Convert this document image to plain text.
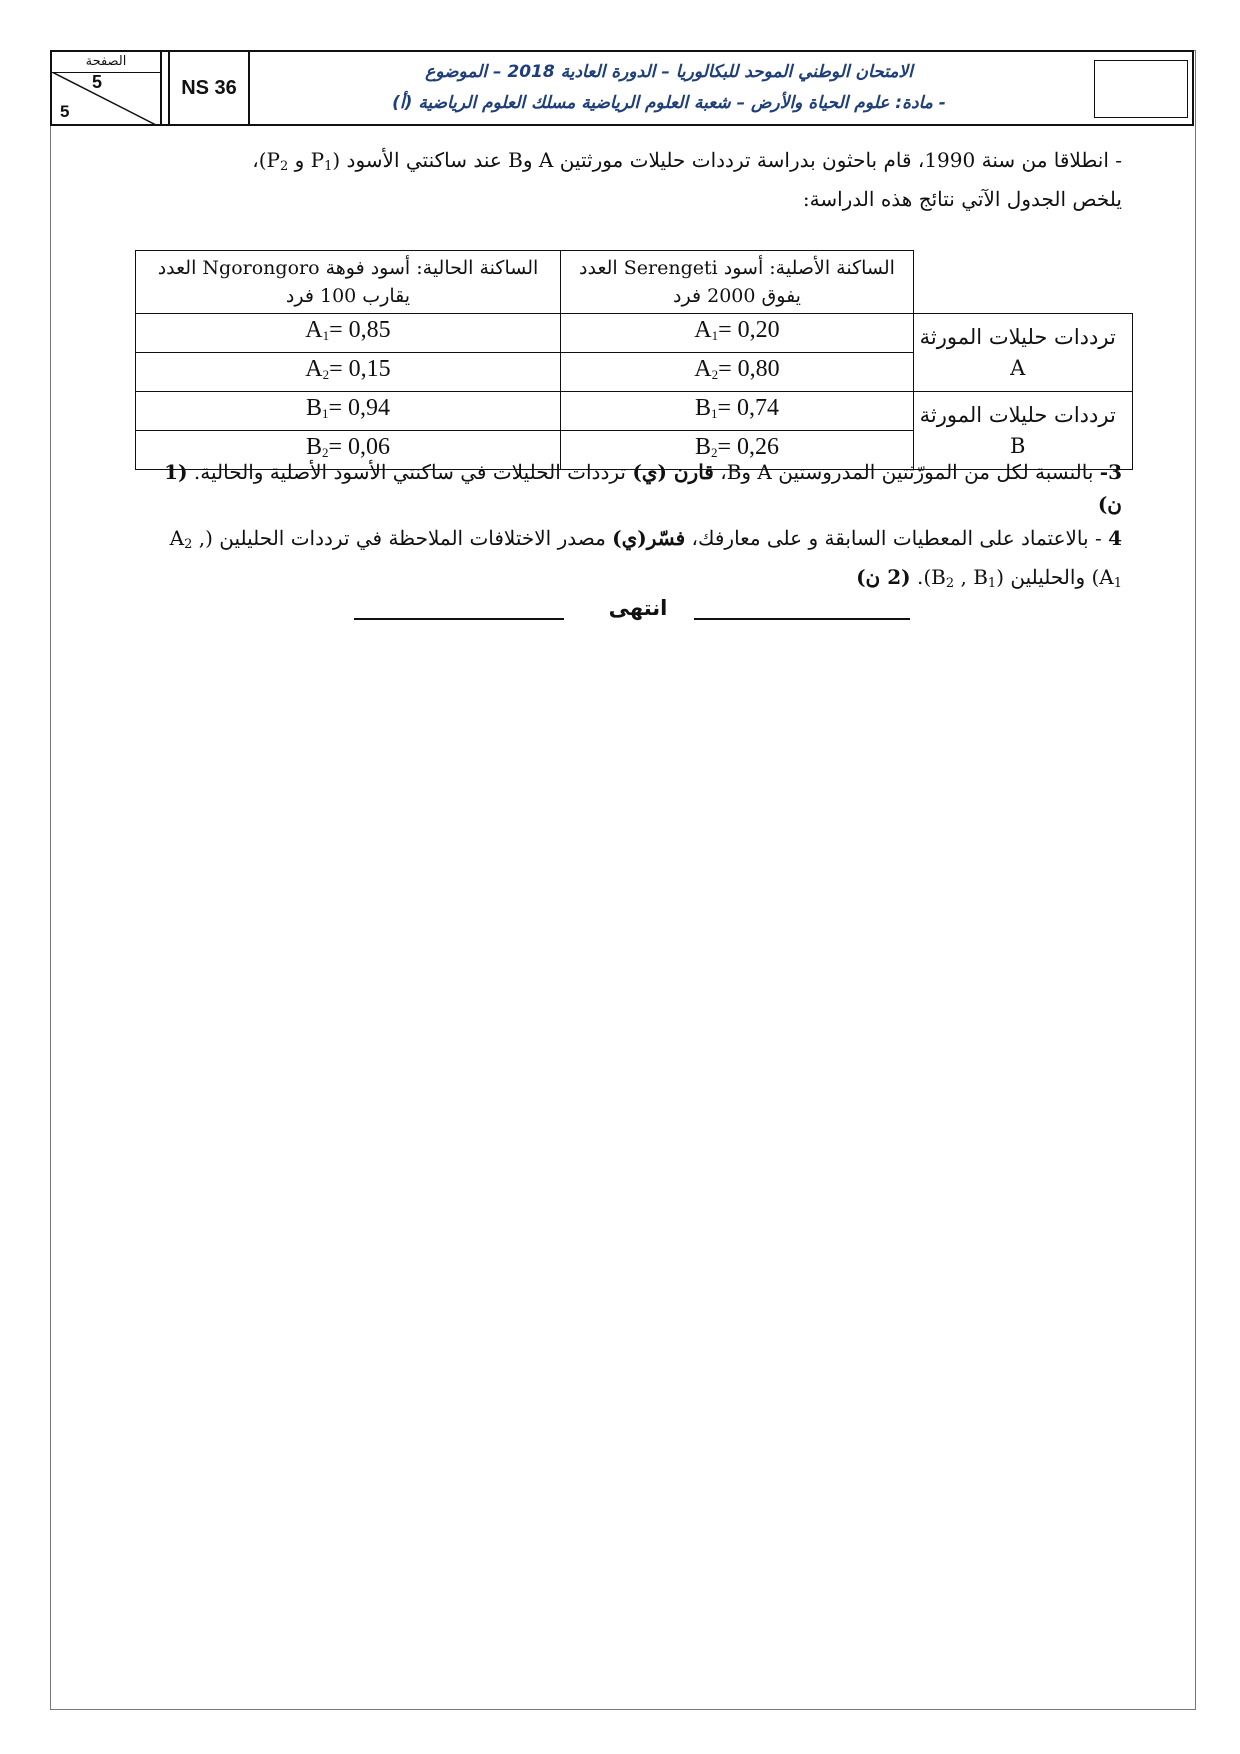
الصفحة
5
5
NS 36
الامتحان الوطني الموحد للبكالوريا – الدورة العادية 2018 – الموضوع
- مادة: علوم الحياة والأرض – شعبة العلوم الرياضية مسلك العلوم الرياضية (أ)
- انطلاقا من سنة 1990، قام باحثون بدراسة ترددات حليلات مورثتين A وB عند ساكنتي الأسود ($P_1$ و $P_2)،$
يلخص الجدول الآتي نتائج هذه الدراسة:
الساكنة الحالية: أسود فوهة Ngorongoro العدد يقارب 100 فرد	الساكنة الأصلية: أسود Serengeti العدد يفوق 2000 فرد	
$A_1= 0,85$	$A_1= 0,20$	ترددات حليلات المورثة A
$A_2= 0,15$	$A_2= 0,80$	
$B_1= 0,94$	$B_1= 0,74$	ترددات حليلات المورثة B
$B_2= 0,06$	$B_2= 0,26$	
3- بالنسبة لكل من المورّثتين المدروستين A وB، قارن (ي) ترددات الحليلات في ساكنتي الأسود الأصلية والحالية. (1 ن)
4 - بالاعتماد على المعطيات السابقة و على معارفك، فسّر(ي) مصدر الاختلافات الملاحظة في ترددات الحليلين ($A_2$ , $A_1$) والحليلين ($B_2$ , $B_1$). (2 ن)
انتهى
